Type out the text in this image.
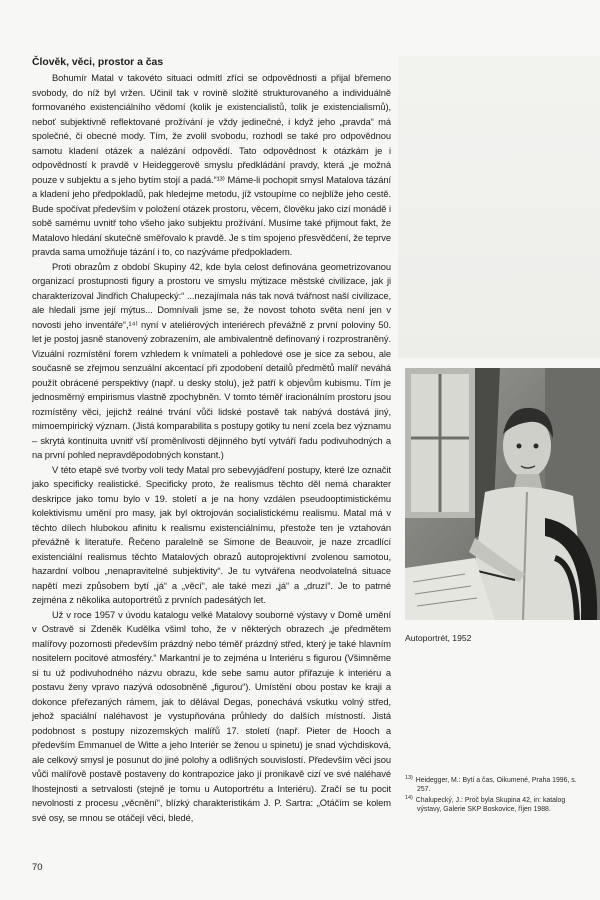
Člověk, věci, prostor a čas

Bohumír Matal v takovéto situaci odmítl zříci se odpovědnosti a přijal břemeno svobody, do níž byl vržen. Učinil tak v rovině složitě strukturovaného a individuálně formovaného existenciálního vědomí (kolik je existencialistů, tolik je existencialismů), neboť subjektivně reflektované prožívání je vždy jedinečné, i když jeho „pravda“ má společné, či obecné mody. Tím, že zvolil svobodu, rozhodl se také pro odpovědnou samotu kladení otázek a nalézání odpovědí. Tato odpovědnost k otázkám je i odpovědností k pravdě v Heideggerově smyslu předkládání pravdy, která „je možná pouze v subjektu a s jeho bytím stojí a padá.“¹³⁾ Máme-li pochopit smysl Matalova tázání a kladení jeho předpokladů, pak hledejme metodu, jíž vstoupíme co nejblíže jeho cestě. Bude spočívat především v položení otázek prostoru, věcem, člověku jako cizí monádě i sobě samému uvnitř toho všeho jako subjektu prožívání. Musíme také přijmout fakt, že Matalovo hledání skutečně směřovalo k pravdě. Je s tím spojeno přesvědčení, že teprve pravda sama umožňuje tázání i to, co nazýváme předpokladem.

Proti obrazům z období Skupiny 42, kde byla celost definována geometrizovanou organizací prostupnosti figury a prostoru ve smyslu mýtizace městské civilizace, jak ji charakterizoval Jindřich Chalupecký:“ ...nezajímala nás tak nová tvářnost naší civilizace, ale hledali jsme její mýtus... Domnívali jsme se, že novost tohoto světa není jen v novosti jeho inventáře“,¹⁴⁾ nyní v ateliérových interiérech převážně z první poloviny 50. let je postoj jasně stanovený zobrazením, ale ambivalentně definovaný i rozprostraněný. Vizuální rozmístění forem vzhledem k vnímateli a pohledové ose je sice za sebou, ale současně se zřejmou senzuální akcentací při zpodobení detailů předmětů malíř neváhá použít obrácené perspektivy (např. u desky stolu), jež patří k objevům kubismu. Tím je jednosměrný empirismus vlastně zpochybněn. V tomto téměř iracionálním prostoru jsou rozmístěny věci, jejichž reálné trvání vůči lidské postavě tak nabývá dostává jiný, mimoempirický význam. (Jistá komparabilita s postupy gotiky tu není zcela bez významu – skrytá kontinuita uvnitř vší proměnlivosti dějinného bytí vytváří řadu podivuhodných a na první pohled nepravděpodobných konstant.)

V této etapě své tvorby volí tedy Matal pro sebevyjádření postupy, které lze označit jako specificky realistické. Specificky proto, že realismus těchto děl nemá charakter deskripce jako tomu bylo v 19. století a je na hony vzdálen pseudooptimistickému kolektivismu umění pro masy, jak byl oktrojován socialistickému realismu. Matal má v těchto dílech hlubokou afinitu k realismu existenciálnímu, přestože ten je vztahován převážně k literatuře. Řečeno paralelně se Simone de Beauvoir, je naze zrcadlící existenciální realismus těchto Matalových obrazů autoprojektivní zvolenou samotou, hazardní volbou „nenapravitelné subjektivity“. Je tu vytvářena neodvolatelná situace napětí mezi způsobem bytí „já“ a „věcí“, ale také mezi „já“ a „druzí“. Je to patrné zejména z několika autoportrétů z prvních padesátých let.

Už v roce 1957 v úvodu katalogu velké Matalovy souborné výstavy v Domě umění v Ostravě si Zdeněk Kudělka všiml toho, že v některých obrazech „je předmětem malířovy pozornosti především prázdný nebo téměř prázdný střed, který je také hlavním nositelem pocitové atmosféry.“ Markantní je to zejména u Interiéru s figurou (Všimněme si tu už podivuhodného názvu obrazu, kde sebe samu autor přiřazuje k interiéru a postavu ženy vpravo nazývá odosobněně „figurou“). Umístění obou postav ke kraji a dokonce přeřezaných rámem, jak to dělával Degas, ponechává vskutku volný střed, jehož spaciální naléhavost je vystupňována průhledy do dalších místností. Jistá podobnost s postupy nizozemských malířů 17. století (např. Pieter de Hooch a především Emmanuel de Witte a jeho Interiér se ženou u spinetu) je snad výchdisková, ale celkový smysl je posunut do jiné polohy a odlišných souvislostí. Především věci jsou vůči malířově postavě postaveny do kontrapozice jako jí pronikavě cizí ve své naléhavé lhostejnosti a setrvalosti (stejně je tomu u Autoportrétu a Interiéru). Zračí se tu pocit nevolnosti z procesu „věcnění“, blízký charakteristikám J. P. Sartra: „Otáčím se kolem své osy, se mnou se otáčejí věci, bledé,

Autoportrét, 1952

$^{13)}$ Heidegger, M.: Bytí a čas, Oikumené, Praha 1996, s. 257.

$^{14)}$ Chalupecký, J.: Proč byla Skupina 42, in: katalog výstavy, Galerie SKP Boskovice, říjen 1988.

70
